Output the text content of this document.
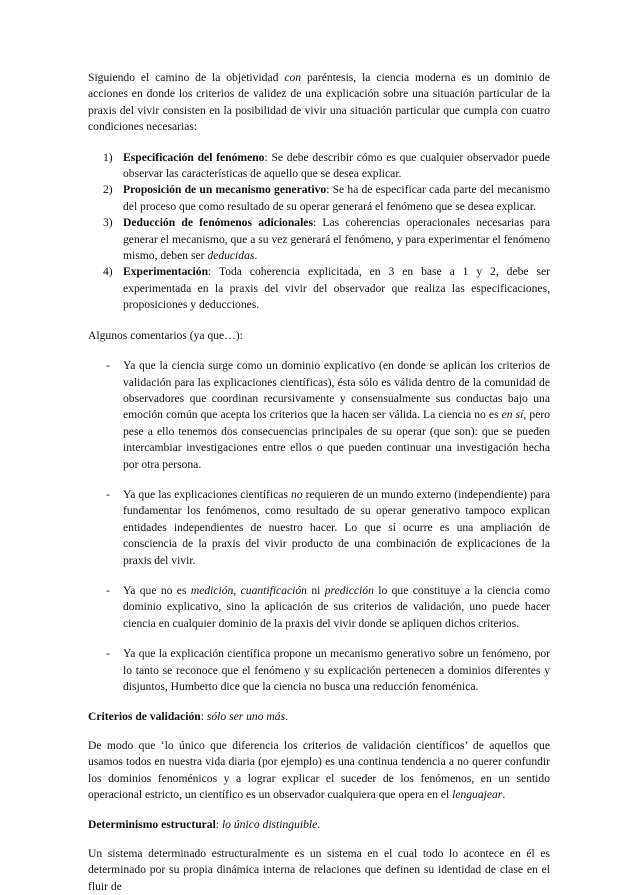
Siguiendo el camino de la objetividad con paréntesis, la ciencia moderna es un dominio de acciones en donde los criterios de validez de una explicación sobre una situación particular de la praxis del vivir consisten en la posibilidad de vivir una situación particular que cumpla con cuatro condiciones necesarias:

1) Especificación del fenómeno: Se debe describir cómo es que cualquier observador puede observar las características de aquello que se desea explicar.
2) Proposición de un mecanismo generativo: Se ha de especificar cada parte del mecanismo del proceso que como resultado de su operar generará el fenómeno que se desea explicar.
3) Deducción de fenómenos adicionales: Las coherencias operacionales necesarias para generar el mecanismo, que a su vez generará el fenómeno, y para experimentar el fenómeno mismo, deben ser deducidas.
4) Experimentación: Toda coherencia explicitada, en 3 en base a 1 y 2, debe ser experimentada en la praxis del vivir del observador que realiza las especificaciones, proposiciones y deducciones.

Algunos comentarios (ya que…):

- Ya que la ciencia surge como un dominio explicativo (en donde se aplican los criterios de validación para las explicaciones científicas), ésta sólo es válida dentro de la comunidad de observadores que coordinan recursivamente y consensualmente sus conductas bajo una emoción común que acepta los criterios que la hacen ser válida. La ciencia no es en sí, pero pese a ello tenemos dos consecuencias principales de su operar (que son): que se pueden intercambiar investigaciones entre ellos o que pueden continuar una investigación hecha por otra persona.
- Ya que las explicaciones científicas no requieren de un mundo externo (independiente) para fundamentar los fenómenos, como resultado de su operar generativo tampoco explican entidades independientes de nuestro hacer. Lo que sí ocurre es una ampliación de consciencia de la praxis del vivir producto de una combinación de explicaciones de la praxis del vivir.
- Ya que no es medición, cuantificación ni predicción lo que constituye a la ciencia como dominio explicativo, sino la aplicación de sus criterios de validación, uno puede hacer ciencia en cualquier dominio de la praxis del vivir donde se apliquen dichos criterios.
- Ya que la explicación científica propone un mecanismo generativo sobre un fenómeno, por lo tanto se reconoce que el fenómeno y su explicación pertenecen a dominios diferentes y disjuntos, Humberto dice que la ciencia no busca una reducción fenoménica.

Criterios de validación: sólo ser uno más.

De modo que ‘lo único que diferencia los criterios de validación científicos’ de aquellos que usamos todos en nuestra vida diaria (por ejemplo) es una continua tendencia a no querer confundir los dominios fenoménicos y a lograr explicar el suceder de los fenómenos, en un sentido operacional estricto, un científico es un observador cualquiera que opera en el lenguajear.

Determinismo estructural: lo único distinguible.

Un sistema determinado estructuralmente es un sistema en el cual todo lo acontece en él es determinado por su propia dinámica interna de relaciones que definen su identidad de clase en el fluir de
